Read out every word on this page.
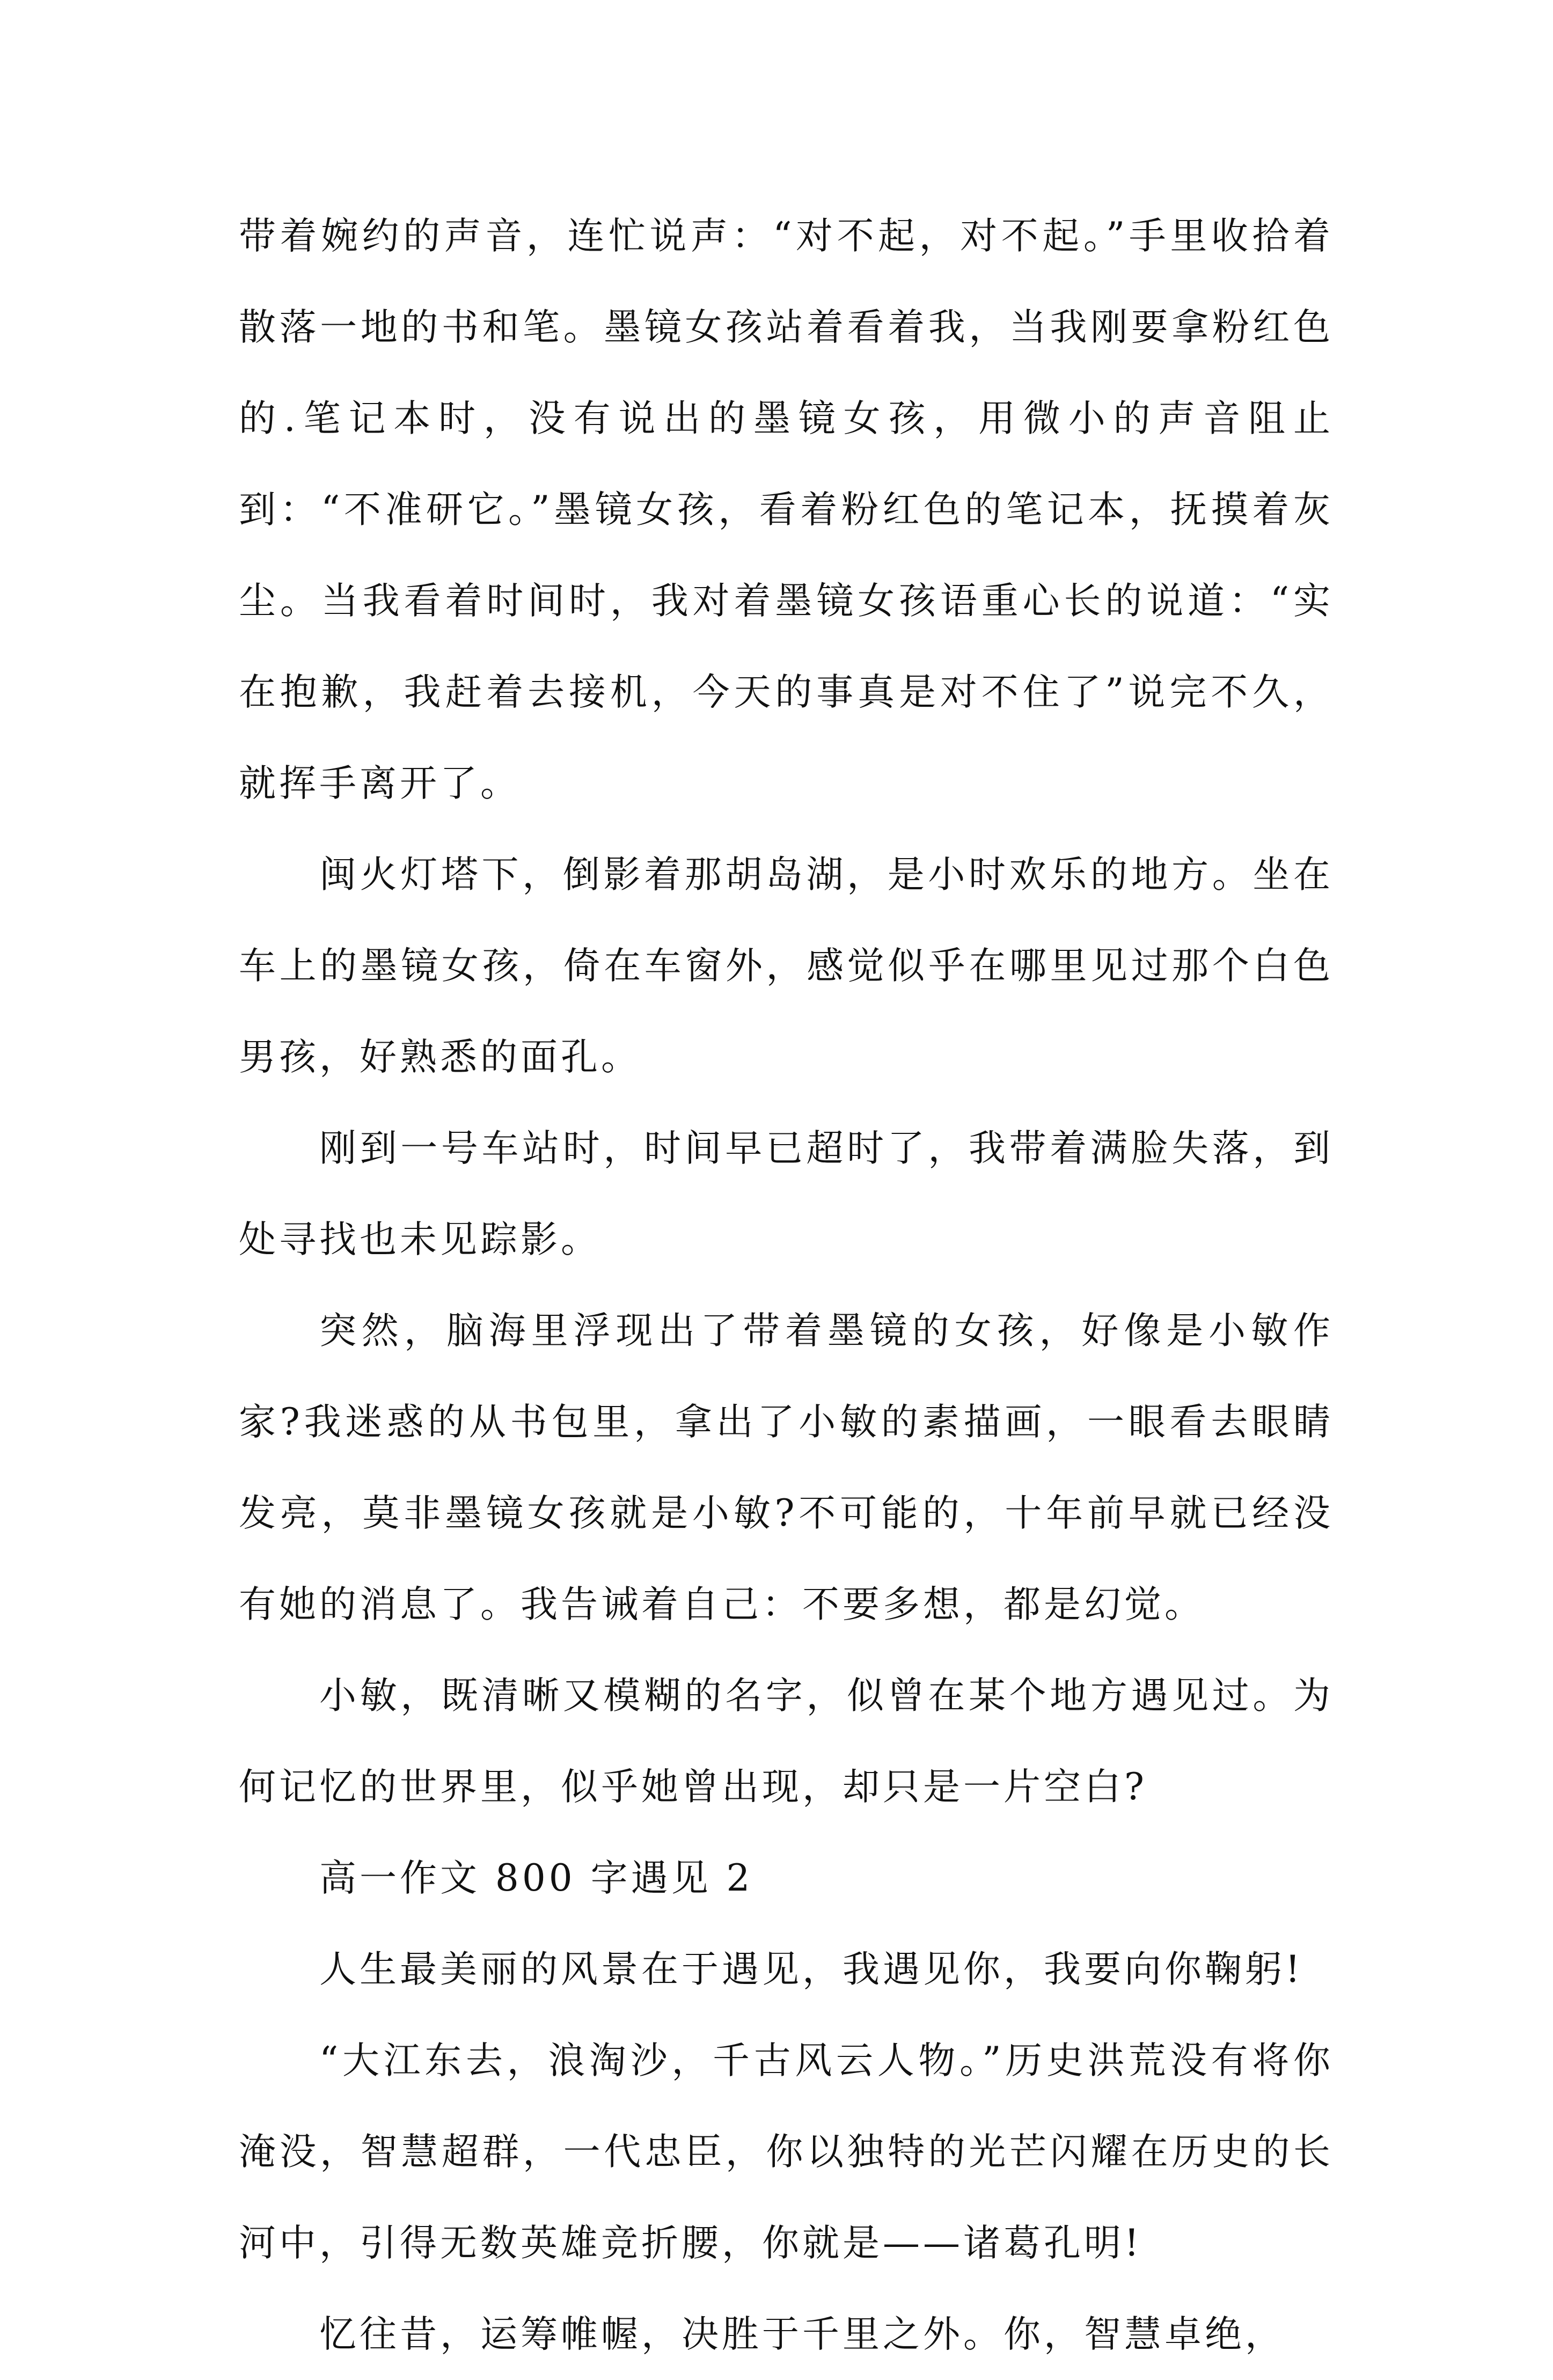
带着婉约的声音，连忙说声：“对不起，对不起。”手里收拾着散落一地的书和笔。墨镜女孩站着看着我，当我刚要拿粉红色的.笔记本时，没有说出的墨镜女孩，用微小的声音阻止到：“不准研它。”墨镜女孩，看着粉红色的笔记本，抚摸着灰尘。当我看着时间时，我对着墨镜女孩语重心长的说道：“实在抱歉，我赶着去接机，今天的事真是对不住了”说完不久，就挥手离开了。

闽火灯塔下，倒影着那胡岛湖，是小时欢乐的地方。坐在车上的墨镜女孩，倚在车窗外，感觉似乎在哪里见过那个白色男孩，好熟悉的面孔。

刚到一号车站时，时间早已超时了，我带着满脸失落，到处寻找也未见踪影。

突然，脑海里浮现出了带着墨镜的女孩，好像是小敏作家?我迷惑的从书包里，拿出了小敏的素描画，一眼看去眼睛发亮，莫非墨镜女孩就是小敏?不可能的，十年前早就已经没有她的消息了。我告诫着自己：不要多想，都是幻觉。

小敏，既清晰又模糊的名字，似曾在某个地方遇见过。为何记忆的世界里，似乎她曾出现，却只是一片空白?

高一作文 800 字遇见 2

人生最美丽的风景在于遇见，我遇见你，我要向你鞠躬!

“大江东去，浪淘沙，千古风云人物。”历史洪荒没有将你淹没，智慧超群，一代忠臣，你以独特的光芒闪耀在历史的长河中，引得无数英雄竞折腰，你就是——诸葛孔明!

忆往昔，运筹帷幄，决胜于千里之外。你，智慧卓绝，
